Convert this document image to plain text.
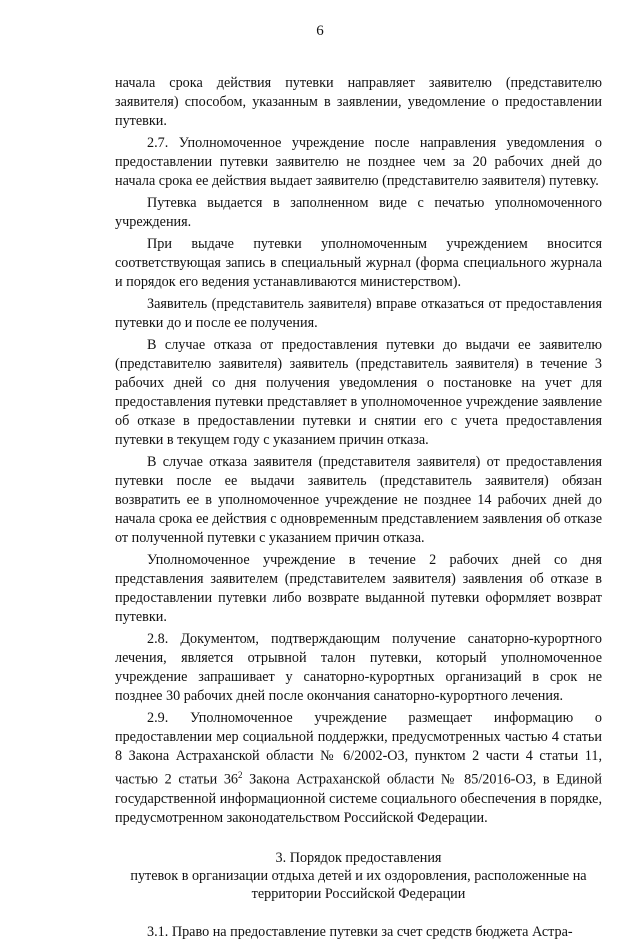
6

начала срока действия путевки направляет заявителю (представителю заявителя) способом, указанным в заявлении, уведомление о предоставлении путевки.

2.7. Уполномоченное учреждение после направления уведомления о предоставлении путевки заявителю не позднее чем за 20 рабочих дней до начала срока ее действия выдает заявителю (представителю заявителя) путевку.

Путевка выдается в заполненном виде с печатью уполномоченного учреждения.

При выдаче путевки уполномоченным учреждением вносится соответствующая запись в специальный журнал (форма специального журнала и порядок его ведения устанавливаются министерством).

Заявитель (представитель заявителя) вправе отказаться от предоставления путевки до и после ее получения.

В случае отказа от предоставления путевки до выдачи ее заявителю (представителю заявителя) заявитель (представитель заявителя) в течение 3 рабочих дней со дня получения уведомления о постановке на учет для предоставления путевки представляет в уполномоченное учреждение заявление об отказе в предоставлении путевки и снятии его с учета предоставления путевки в текущем году с указанием причин отказа.

В случае отказа заявителя (представителя заявителя) от предоставления путевки после ее выдачи заявитель (представитель заявителя) обязан возвратить ее в уполномоченное учреждение не позднее 14 рабочих дней до начала срока ее действия с одновременным представлением заявления об отказе от полученной путевки с указанием причин отказа.

Уполномоченное учреждение в течение 2 рабочих дней со дня представления заявителем (представителем заявителя) заявления об отказе в предоставлении путевки либо возврате выданной путевки оформляет возврат путевки.

2.8. Документом, подтверждающим получение санаторно-курортного лечения, является отрывной талон путевки, который уполномоченное учреждение запрашивает у санаторно-курортных организаций в срок не позднее 30 рабочих дней после окончания санаторно-курортного лечения.

2.9. Уполномоченное учреждение размещает информацию о предоставлении мер социальной поддержки, предусмотренных частью 4 статьи 8 Закона Астраханской области № 6/2002-ОЗ, пунктом 2 части 4 статьи 11, частью 2 статьи $36^2$ Закона Астраханской области № 85/2016-ОЗ, в Единой государственной информационной системе социального обеспечения в порядке, предусмотренном законодательством Российской Федерации.

3. Порядок предоставления
путевок в организации отдыха детей и их оздоровления, расположенные на территории Российской Федерации

3.1. Право на предоставление путевки за счет средств бюджета Астра-
